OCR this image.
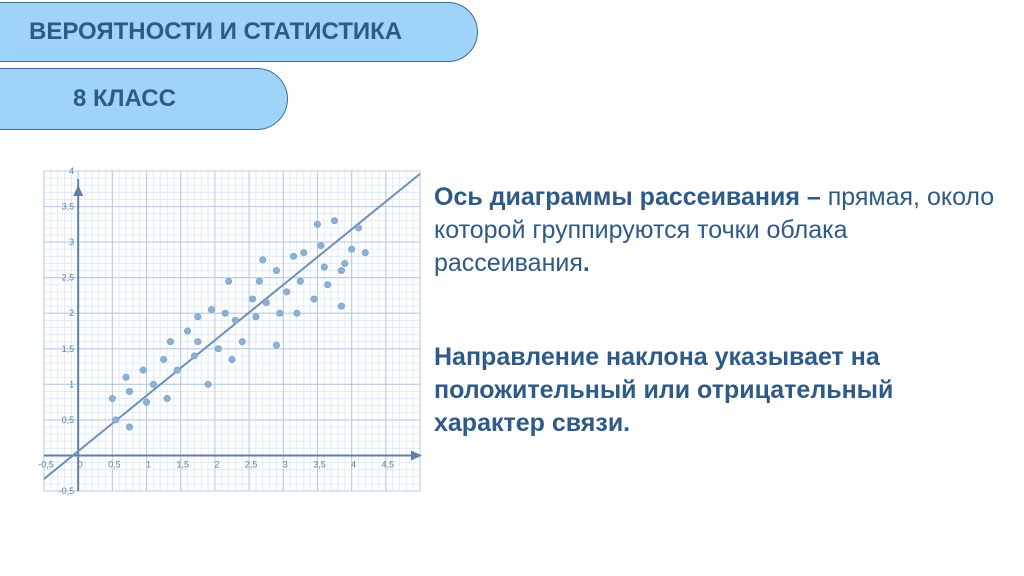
ВЕРОЯТНОСТИ И СТАТИСТИКА
8 КЛАСС
-0,5	0	0,5	1	1,5	2	2,5	3	3,5	4	4,5
-0,5
0,5
1
1,5
2
2,5
3
3,5
4
Ось диаграммы рассеивания – прямая, около которой группируются точки облака рассеивания.
Направление наклона указывает на положительный или отрицательный характер связи.
